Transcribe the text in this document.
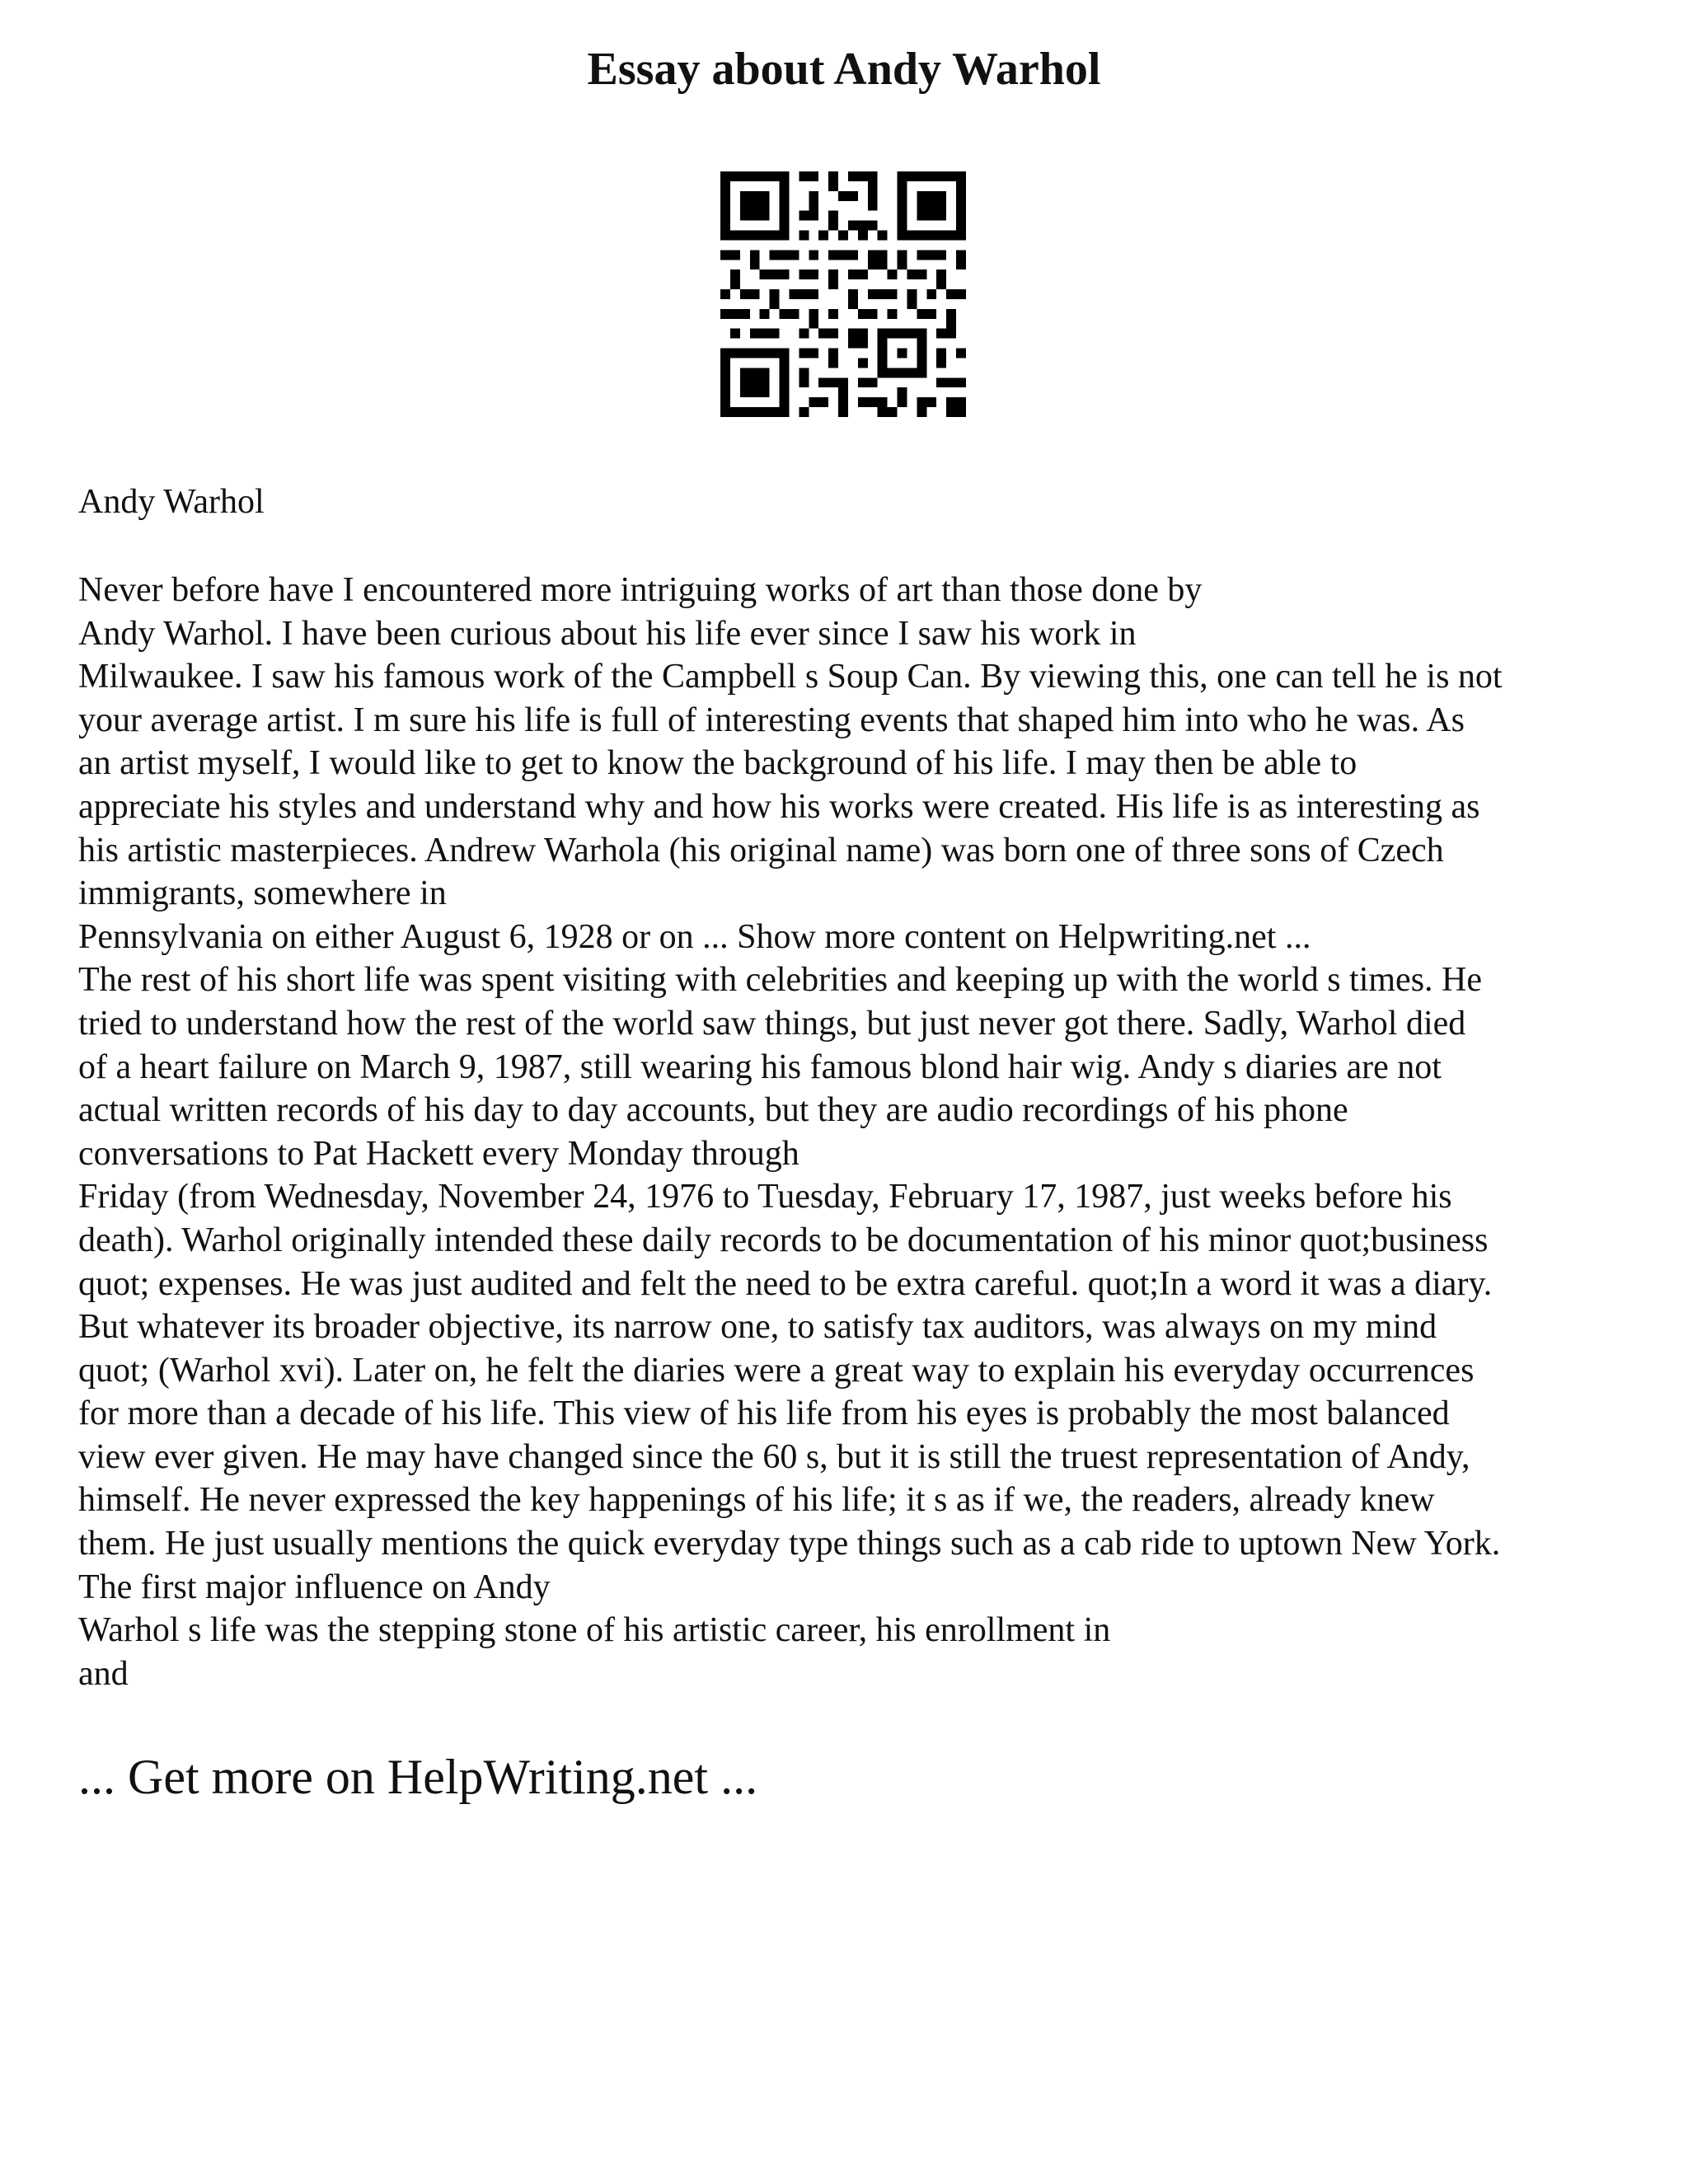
Essay about Andy Warhol

Andy Warhol

Never before have I encountered more intriguing works of art than those done by
Andy Warhol. I have been curious about his life ever since I saw his work in
Milwaukee. I saw his famous work of the Campbell s Soup Can. By viewing this, one can tell he is not
your average artist. I m sure his life is full of interesting events that shaped him into who he was. As
an artist myself, I would like to get to know the background of his life. I may then be able to
appreciate his styles and understand why and how his works were created. His life is as interesting as
his artistic masterpieces. Andrew Warhola (his original name) was born one of three sons of Czech
immigrants, somewhere in
Pennsylvania on either August 6, 1928 or on ... Show more content on Helpwriting.net ...
The rest of his short life was spent visiting with celebrities and keeping up with the world s times. He
tried to understand how the rest of the world saw things, but just never got there. Sadly, Warhol died
of a heart failure on March 9, 1987, still wearing his famous blond hair wig. Andy s diaries are not
actual written records of his day to day accounts, but they are audio recordings of his phone
conversations to Pat Hackett every Monday through
Friday (from Wednesday, November 24, 1976 to Tuesday, February 17, 1987, just weeks before his
death). Warhol originally intended these daily records to be documentation of his minor quot;business
quot; expenses. He was just audited and felt the need to be extra careful. quot;In a word it was a diary.
But whatever its broader objective, its narrow one, to satisfy tax auditors, was always on my mind
quot; (Warhol xvi). Later on, he felt the diaries were a great way to explain his everyday occurrences
for more than a decade of his life. This view of his life from his eyes is probably the most balanced
view ever given. He may have changed since the 60 s, but it is still the truest representation of Andy,
himself. He never expressed the key happenings of his life; it s as if we, the readers, already knew
them. He just usually mentions the quick everyday type things such as a cab ride to uptown New York.
The first major influence on Andy
Warhol s life was the stepping stone of his artistic career, his enrollment in
and

... Get more on HelpWriting.net ...
